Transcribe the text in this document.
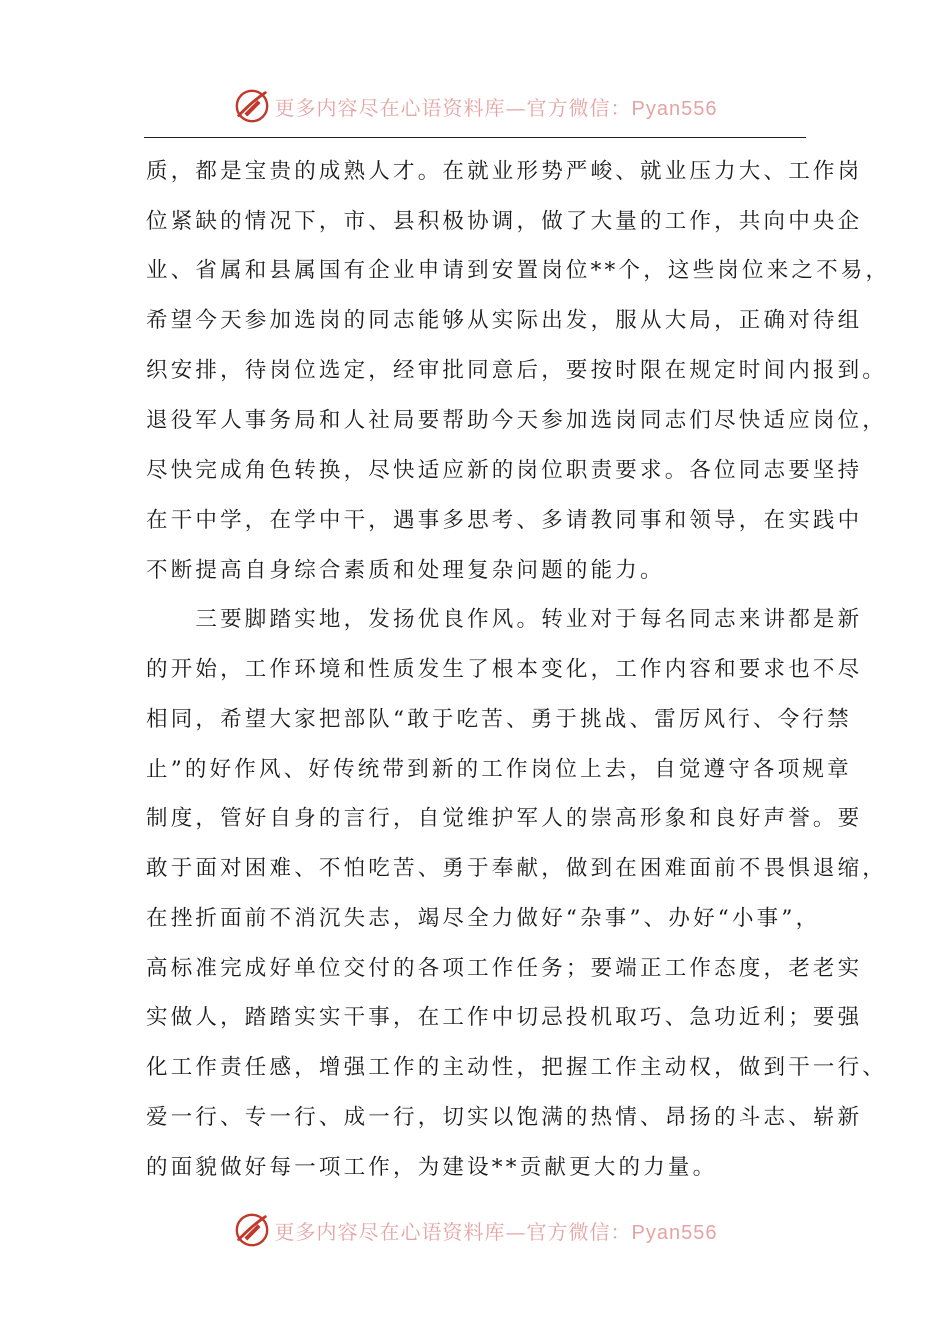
更多内容尽在心语资料库—官方微信：Pyan556
质，都是宝贵的成熟人才。在就业形势严峻、就业压力大、工作岗
位紧缺的情况下，市、县积极协调，做了大量的工作，共向中央企
业、省属和县属国有企业申请到安置岗位**个，这些岗位来之不易，
希望今天参加选岗的同志能够从实际出发，服从大局，正确对待组
织安排，待岗位选定，经审批同意后，要按时限在规定时间内报到。
退役军人事务局和人社局要帮助今天参加选岗同志们尽快适应岗位，
尽快完成角色转换，尽快适应新的岗位职责要求。各位同志要坚持
在干中学，在学中干，遇事多思考、多请教同事和领导，在实践中
不断提高自身综合素质和处理复杂问题的能力。
　　三要脚踏实地，发扬优良作风。转业对于每名同志来讲都是新
的开始，工作环境和性质发生了根本变化，工作内容和要求也不尽
相同，希望大家把部队“敢于吃苦、勇于挑战、雷厉风行、令行禁
止”的好作风、好传统带到新的工作岗位上去，自觉遵守各项规章
制度，管好自身的言行，自觉维护军人的崇高形象和良好声誉。要
敢于面对困难、不怕吃苦、勇于奉献，做到在困难面前不畏惧退缩，
在挫折面前不消沉失志，竭尽全力做好“杂事”、办好“小事”，
高标准完成好单位交付的各项工作任务；要端正工作态度，老老实
实做人，踏踏实实干事，在工作中切忌投机取巧、急功近利；要强
化工作责任感，增强工作的主动性，把握工作主动权，做到干一行、
爱一行、专一行、成一行，切实以饱满的热情、昂扬的斗志、崭新
的面貌做好每一项工作，为建设**贡献更大的力量。
更多内容尽在心语资料库—官方微信：Pyan556
